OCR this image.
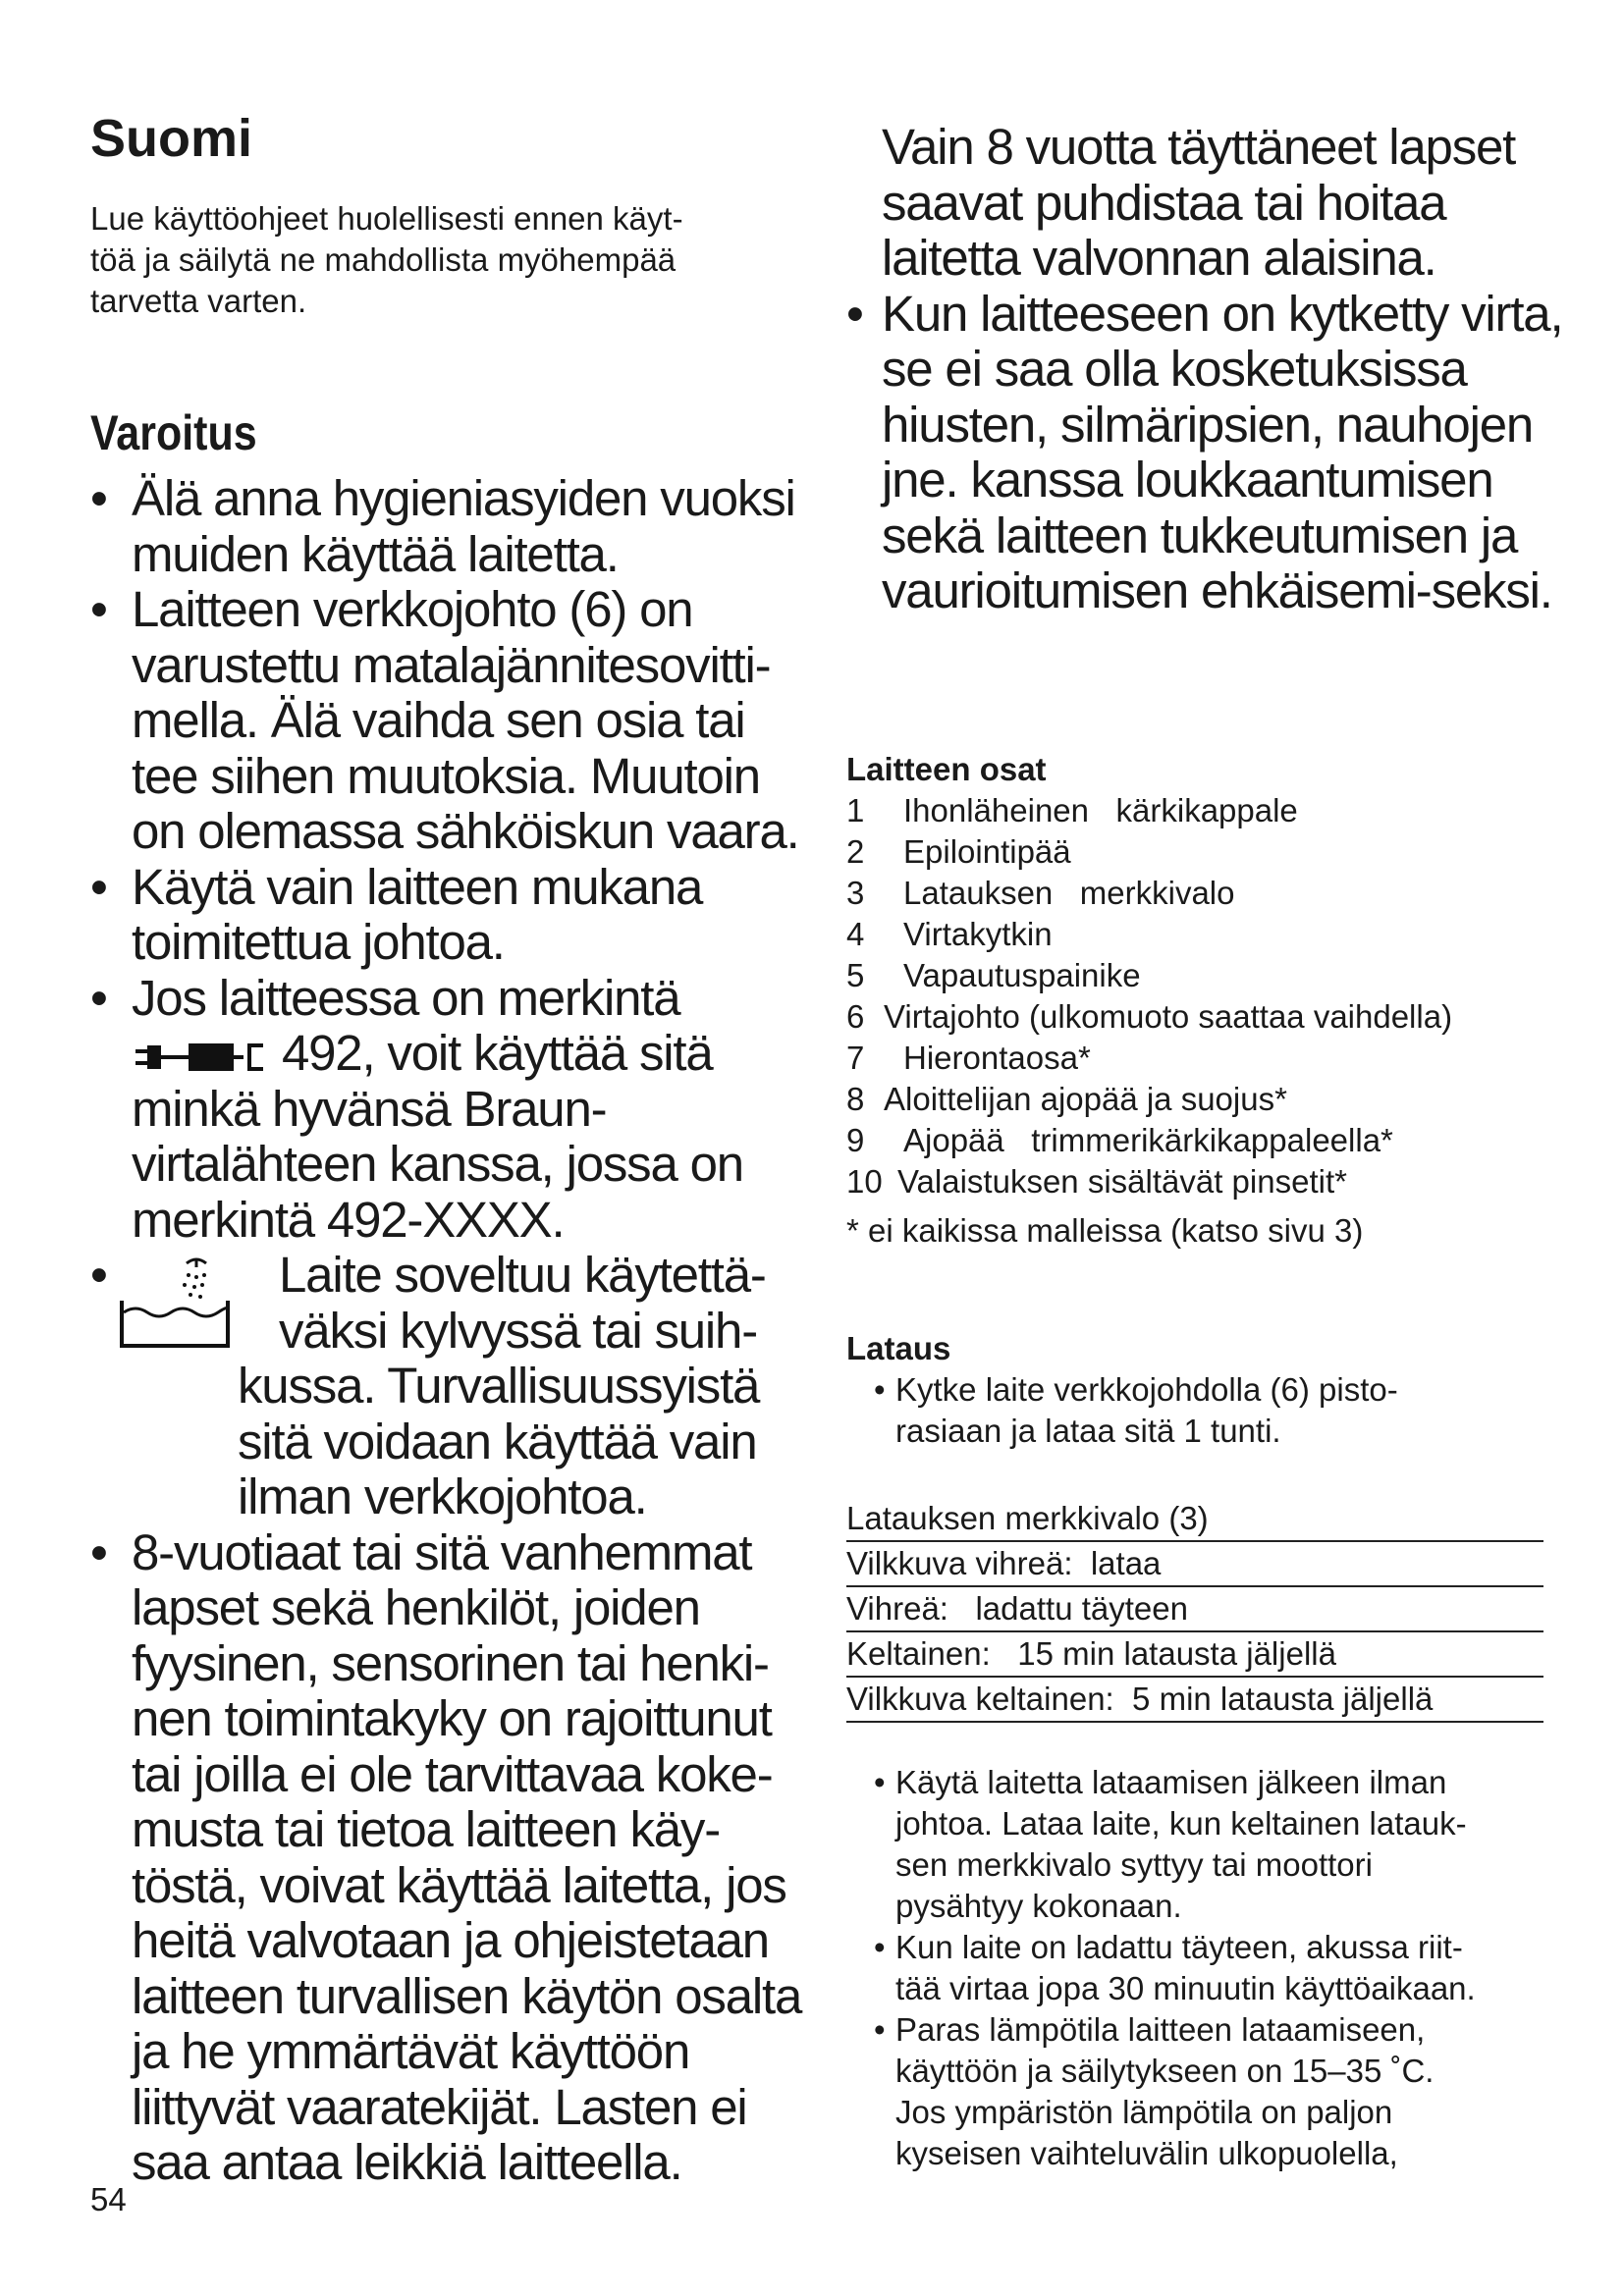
Suomi

Lue käyttöohjeet huolellisesti ennen käyt-
töä ja säilytä ne mahdollista myöhempää
tarvetta varten.

Varoitus
• Älä anna hygieniasyiden vuoksi muiden käyttää laitetta.
• Laitteen verkkojohto (6) on varustettu matalajännitesovitti-mella. Älä vaihda sen osia tai tee siihen muutoksia. Muutoin on olemassa sähköiskun vaara.
• Käytä vain laitteen mukana toimitettua johtoa.
• Jos laitteessa on merkintä
492, voit käyttää sitä minkä hyvänsä Braun-virtalähteen kanssa, jossa on merkintä 492-XXXX.
•	Laite soveltuu käytettä-
väksi kylvyssä tai suih-
kussa. Turvallisuussyistä sitä voidaan käyttää vain ilman verkkojohtoa.
• 8-vuotiaat tai sitä vanhemmat lapset sekä henkilöt, joiden fyysinen, sensorinen tai henki-nen toimintakyky on rajoittunut tai joilla ei ole tarvittavaa koke-musta tai tietoa laitteen käy-töstä, voivat käyttää laitetta, jos heitä valvotaan ja ohjeistetaan laitteen turvallisen käytön osalta ja he ymmärtävät käyttöön liittyvät vaaratekijät. Lasten ei saa antaa leikkiä laitteella.

54

Vain 8 vuotta täyttäneet lapset saavat puhdistaa tai hoitaa laitetta valvonnan alaisina.
• Kun laitteeseen on kytketty virta, se ei saa olla kosketuksissa hiusten, silmäripsien, nauhojen jne. kanssa loukkaantumisen sekä laitteen tukkeutumisen ja vaurioitumisen ehkäisemi-seksi.

Laitteen osat

1 Ihonläheinen   kärkikappale
2 Epilointipää
3 Latauksen   merkkivalo
4 Virtakytkin
5 Vapautuspainike
6 Virtajohto (ulkomuoto saattaa vaihdella)
7 Hierontaosa*
8 Aloittelijan ajopää ja suojus*
9 Ajopää   trimmerikärkikappaleella*
10 Valaistuksen sisältävät pinsetit*

* ei kaikissa malleissa (katso sivu 3)

Lataus

• Kytke laite verkkojohdolla (6) pisto-
rasiaan ja lataa sitä 1 tunti.
Latauksen merkkivalo (3)
Vilkkuva vihreä:  lataa
Vihreä:   ladattu täyteen
Keltainen:   15 min latausta jäljellä
Vilkkuva keltainen:  5 min latausta jäljellä
• Käytä laitetta lataamisen jälkeen ilman
johtoa. Lataa laite, kun keltainen latauk-
sen merkkivalo syttyy tai moottori
pysähtyy kokonaan.
• Kun laite on ladattu täyteen, akussa riit-
tää virtaa jopa 30 minuutin käyttöaikaan.
• Paras lämpötila laitteen lataamiseen,
käyttöön ja säilytykseen on 15–35 ˚C.
Jos ympäristön lämpötila on paljon
kyseisen vaihteluvälin ulkopuolella,
